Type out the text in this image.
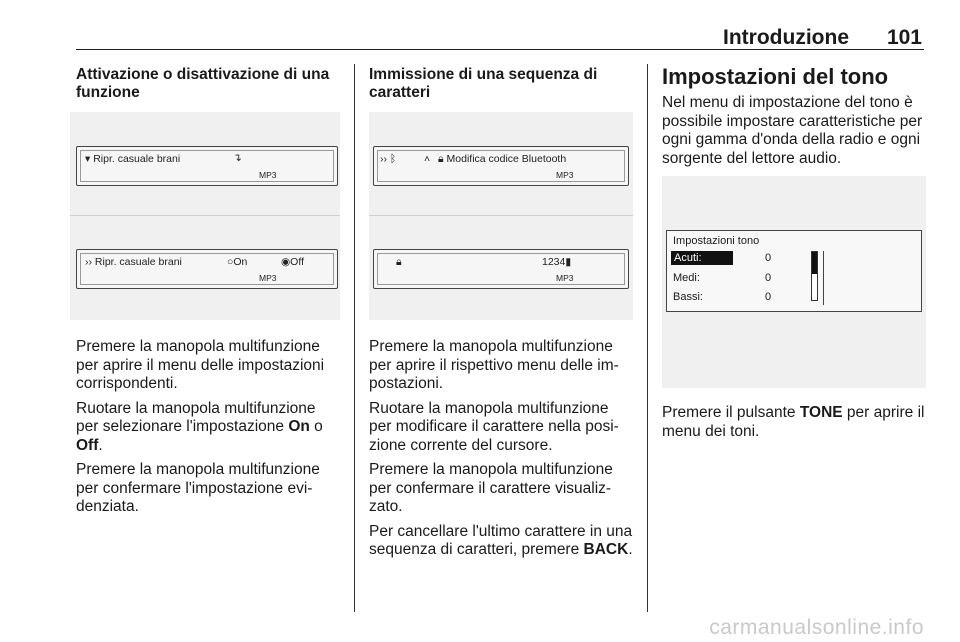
Introduzione 101
Attivazione o disattivazione di una funzione
▾ Ripr. casuale brani	↴
MP3
›› Ripr. casuale brani	○On	◉Off
MP3
Premere la manopola multifunzione per aprire il menu delle impostazioni corrispondenti.
Ruotare la manopola multifunzione per selezionare l'impostazione On o Off.
Premere la manopola multifunzione per confermare l'impostazione evi-denziata.
Immissione di una sequenza di caratteri
›› ᛒ	˄ 🔒︎ Modifica codice Bluetooth
MP3
🔒︎	1234▮
MP3
Premere la manopola multifunzione per aprire il rispettivo menu delle im-postazioni.
Ruotare la manopola multifunzione per modificare il carattere nella posi-zione corrente del cursore.
Premere la manopola multifunzione per confermare il carattere visualiz-zato.
Per cancellare l'ultimo carattere in una sequenza di caratteri, premere BACK.
Impostazioni del tono
Nel menu di impostazione del tono è possibile impostare caratteristiche per ogni gamma d'onda della radio e ogni sorgente del lettore audio.
Impostazioni tono
Acuti:	0
Medi:	0
Bassi:	0
Premere il pulsante TONE per aprire il menu dei toni.
carmanualsonline.info
